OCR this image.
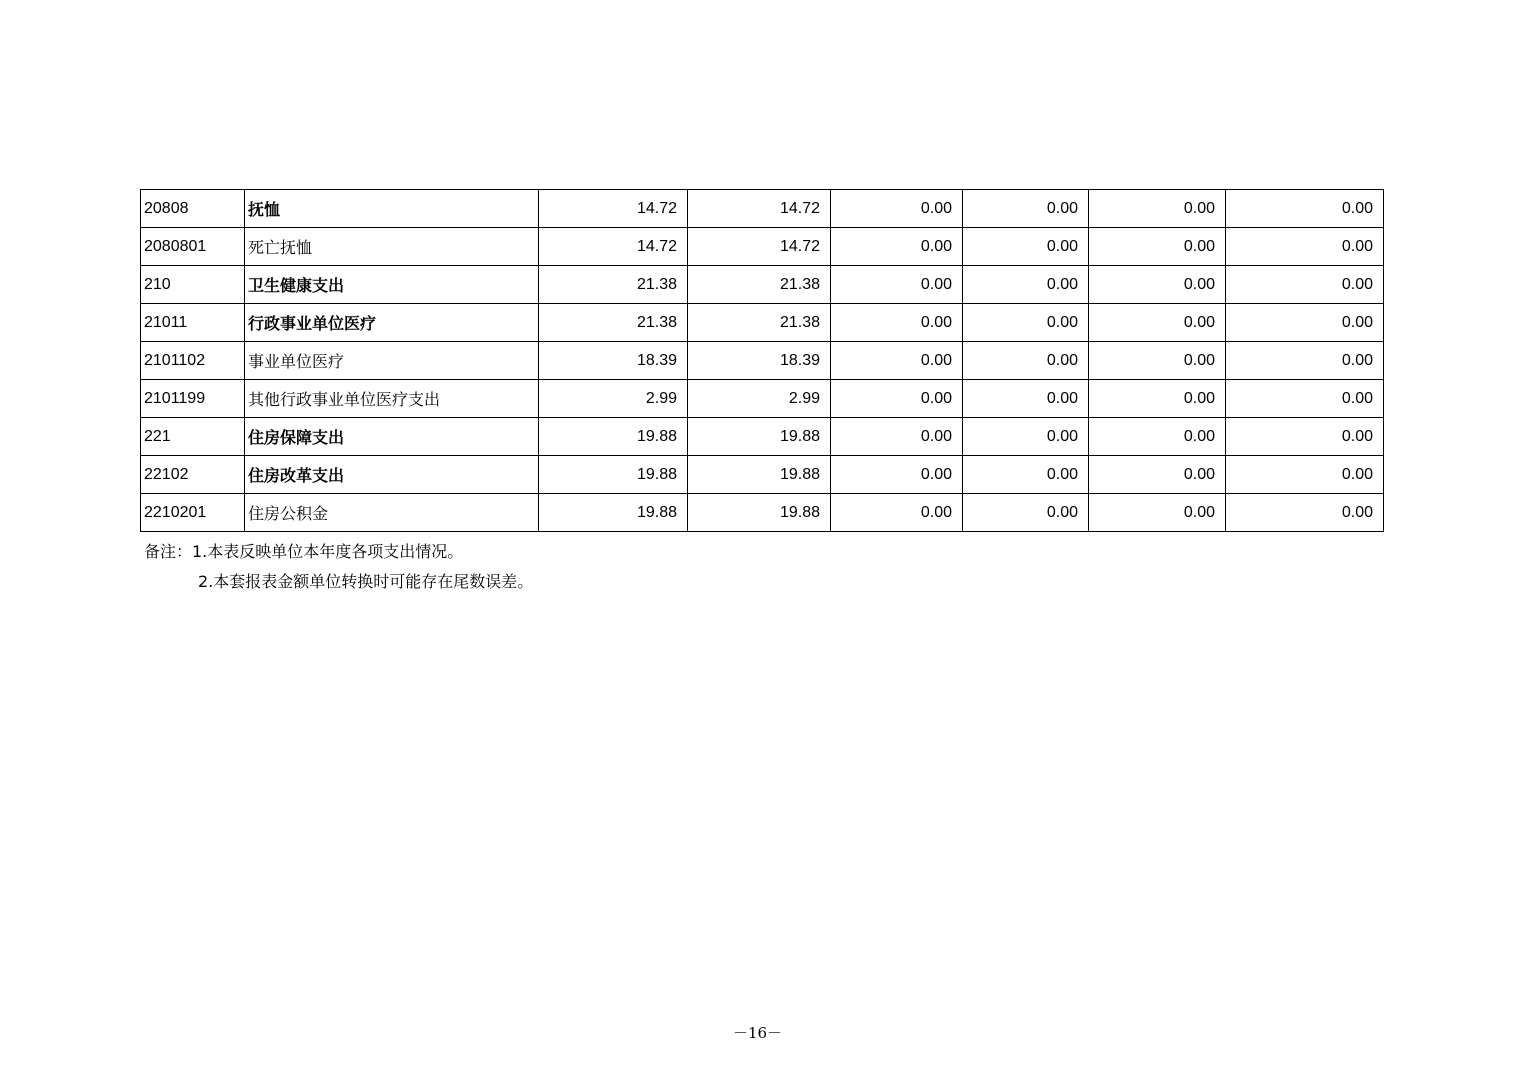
20808	抚恤	14.72	14.72	0.00	0.00	0.00	0.00
2080801	死亡抚恤	14.72	14.72	0.00	0.00	0.00	0.00
210	卫生健康支出	21.38	21.38	0.00	0.00	0.00	0.00
21011	行政事业单位医疗	21.38	21.38	0.00	0.00	0.00	0.00
2101102	事业单位医疗	18.39	18.39	0.00	0.00	0.00	0.00
2101199	其他行政事业单位医疗支出	2.99	2.99	0.00	0.00	0.00	0.00
221	住房保障支出	19.88	19.88	0.00	0.00	0.00	0.00
22102	住房改革支出	19.88	19.88	0.00	0.00	0.00	0.00
2210201	住房公积金	19.88	19.88	0.00	0.00	0.00	0.00
备注：1.本表反映单位本年度各项支出情况。
2.本套报表金额单位转换时可能存在尾数误差。
－16－
